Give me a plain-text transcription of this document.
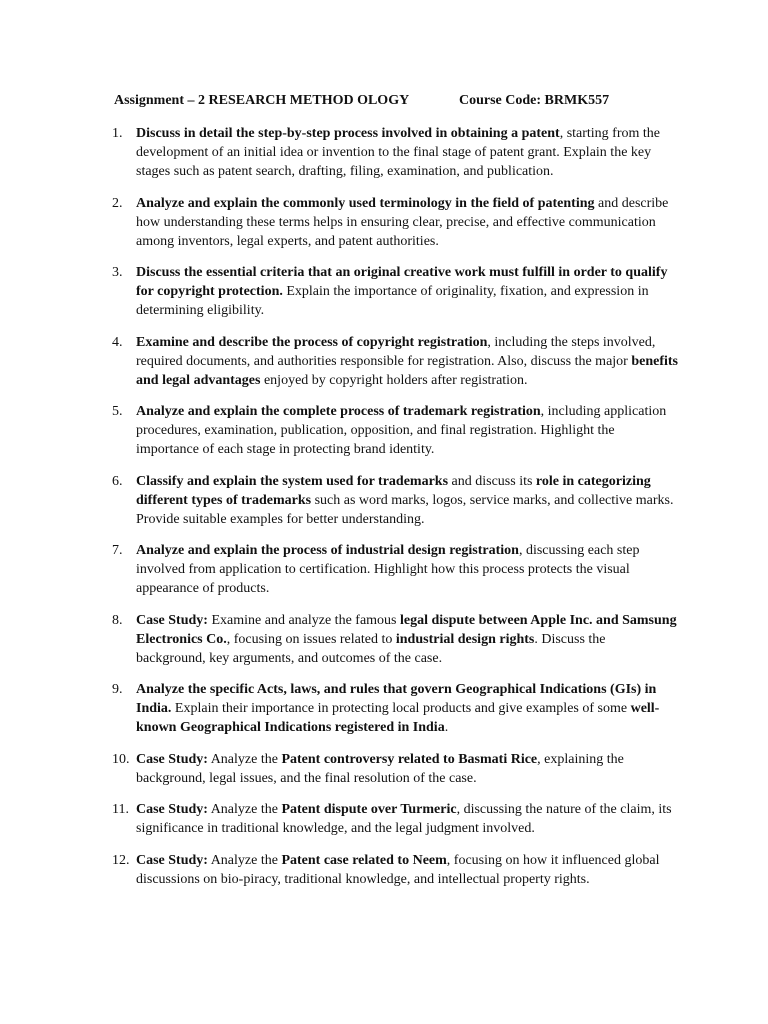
Assignment – 2 RESEARCH METHOD OLOGY	Course Code: BRMK557
1. Discuss in detail the step-by-step process involved in obtaining a patent, starting from the development of an initial idea or invention to the final stage of patent grant. Explain the key stages such as patent search, drafting, filing, examination, and publication.
2. Analyze and explain the commonly used terminology in the field of patenting and describe how understanding these terms helps in ensuring clear, precise, and effective communication among inventors, legal experts, and patent authorities.
3. Discuss the essential criteria that an original creative work must fulfill in order to qualify for copyright protection. Explain the importance of originality, fixation, and expression in determining eligibility.
4. Examine and describe the process of copyright registration, including the steps involved, required documents, and authorities responsible for registration. Also, discuss the major benefits and legal advantages enjoyed by copyright holders after registration.
5. Analyze and explain the complete process of trademark registration, including application procedures, examination, publication, opposition, and final registration. Highlight the importance of each stage in protecting brand identity.
6. Classify and explain the system used for trademarks and discuss its role in categorizing different types of trademarks such as word marks, logos, service marks, and collective marks. Provide suitable examples for better understanding.
7. Analyze and explain the process of industrial design registration, discussing each step involved from application to certification. Highlight how this process protects the visual appearance of products.
8. Case Study: Examine and analyze the famous legal dispute between Apple Inc. and Samsung Electronics Co., focusing on issues related to industrial design rights. Discuss the background, key arguments, and outcomes of the case.
9. Analyze the specific Acts, laws, and rules that govern Geographical Indications (GIs) in India. Explain their importance in protecting local products and give examples of some well-known Geographical Indications registered in India.
10. Case Study: Analyze the Patent controversy related to Basmati Rice, explaining the background, legal issues, and the final resolution of the case.
11. Case Study: Analyze the Patent dispute over Turmeric, discussing the nature of the claim, its significance in traditional knowledge, and the legal judgment involved.
12. Case Study: Analyze the Patent case related to Neem, focusing on how it influenced global discussions on bio-piracy, traditional knowledge, and intellectual property rights.
